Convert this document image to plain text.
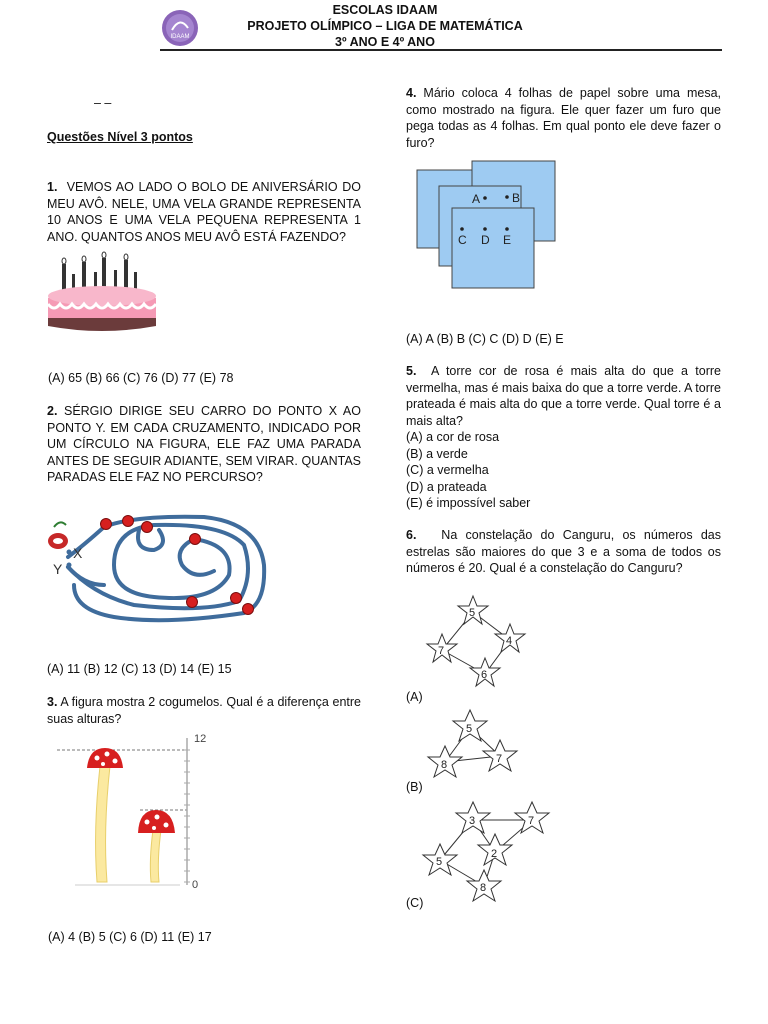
IDAAM
ESCOLAS IDAAM
PROJETO OLÍMPICO – LIGA DE MATEMÁTICA
3º ANO E 4º ANO
– –
Questões Nível 3 pontos

1. VEMOS AO LADO O BOLO DE ANIVERSÁRIO DO MEU AVÔ. NELE, UMA VELA GRANDE REPRESENTA 10 ANOS E UMA VELA PEQUENA REPRESENTA 1 ANO. QUANTOS ANOS MEU AVÔ ESTÁ FAZENDO?

(A) 65 (B) 66 (C) 76 (D) 77 (E) 78

2. SÉRGIO DIRIGE SEU CARRO DO PONTO X AO PONTO Y. EM CADA CRUZAMENTO, INDICADO POR UM CÍRCULO NA FIGURA, ELE FAZ UMA PARADA ANTES DE SEGUIR ADIANTE, SEM VIRAR. QUANTAS PARADAS ELE FAZ NO PERCURSO?

X
Y
(A) 11 (B) 12 (C) 13 (D) 14 (E) 15

3. A figura mostra 2 cogumelos. Qual é a diferença entre suas alturas?

12
0
(A) 4 (B) 5 (C) 6 (D) 11 (E) 17

4. Mário coloca 4 folhas de papel sobre uma mesa, como mostrado na figura. Ele quer fazer um furo que pega todas as 4 folhas. Em qual ponto ele deve fazer o furo?

A	B
C D E
(A) A (B) B (C) C (D) D (E) E

5. A torre cor de rosa é mais alta do que a torre vermelha, mas é mais baixa do que a torre verde. A torre prateada é mais alta do que a torre verde. Qual torre é a mais alta?

(A) a cor de rosa
(B) a verde
(C) a vermelha
(D) a prateada
(E) é impossível saber

6. Na constelação do Canguru, os números das estrelas são maiores do que 3 e a soma de todos os números é 20. Qual é a constelação do Canguru?

5
4
7
6
(A)
5
8	7
(B)
3	7
2
5
8
(C)
